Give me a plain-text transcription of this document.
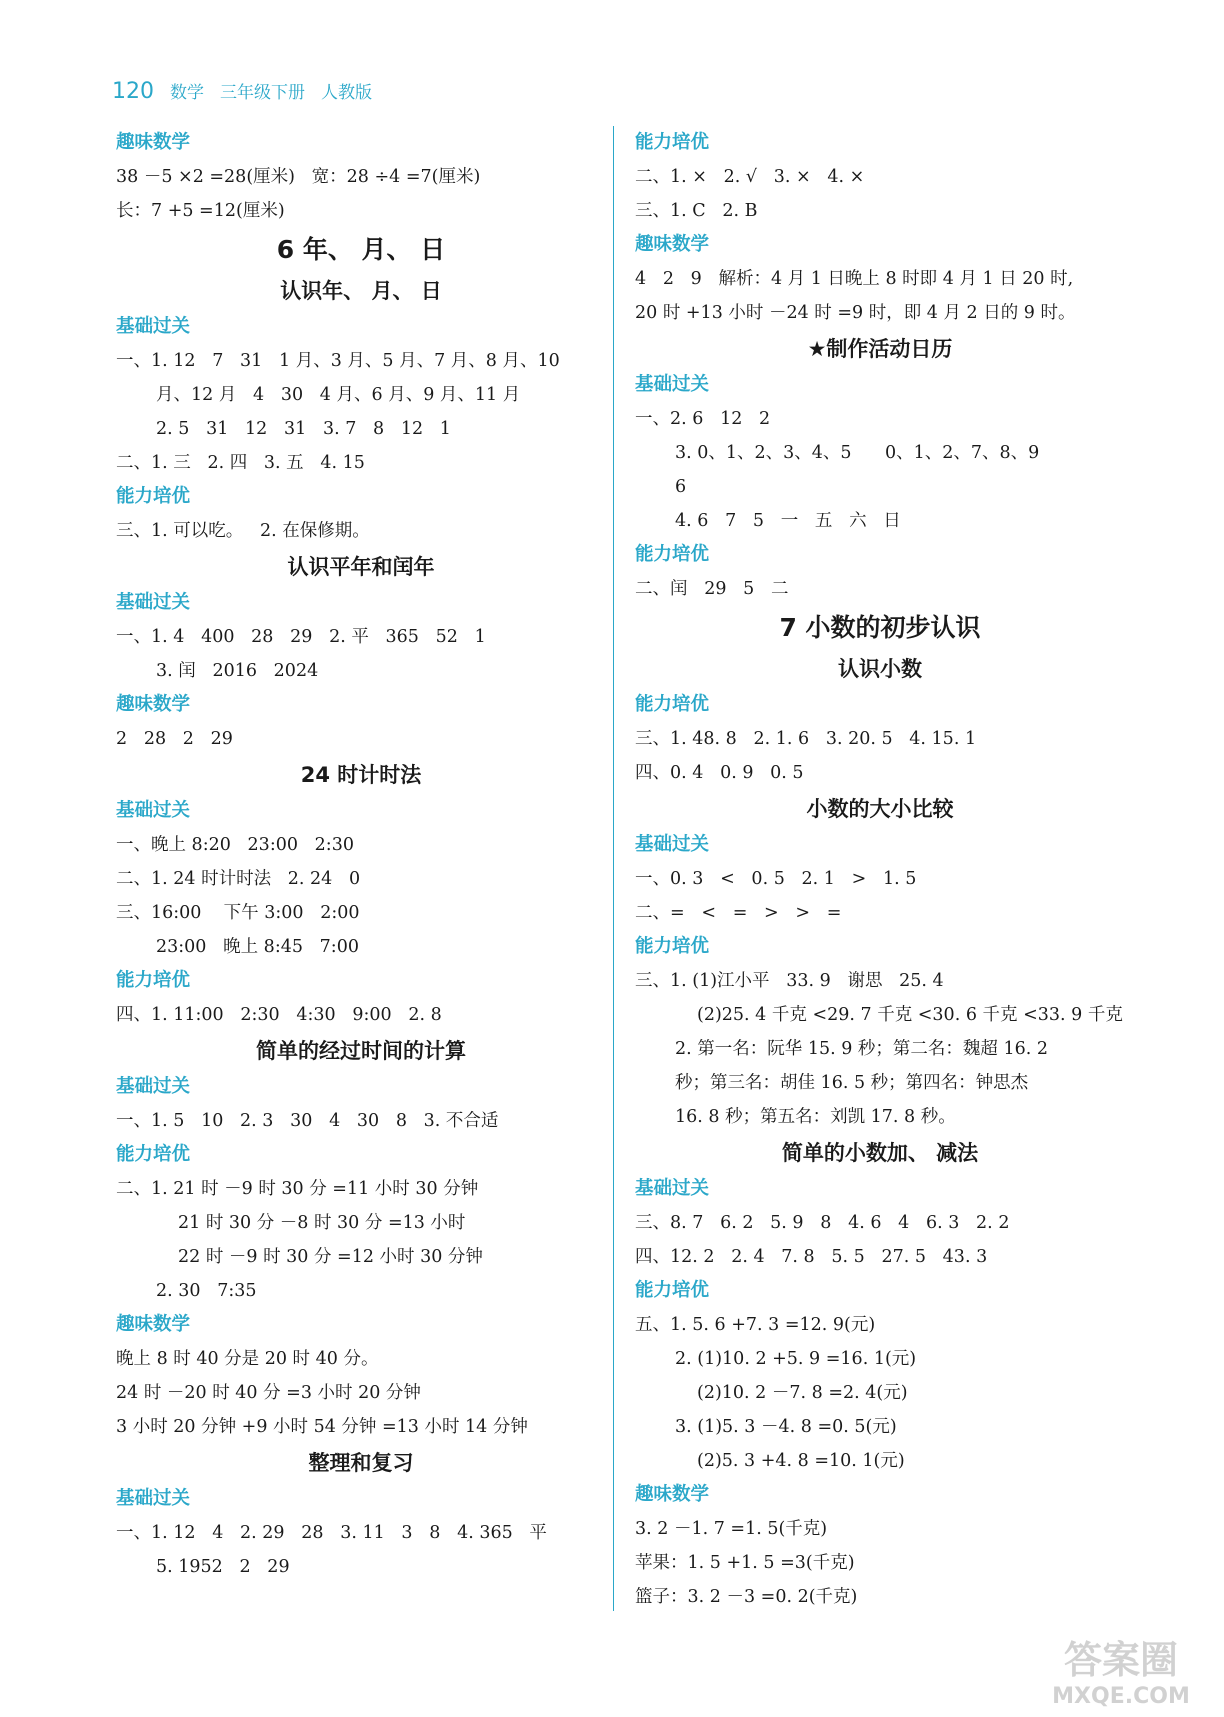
120 数学 三年级下册 人教版
趣味数学
38 －5 ×2 =28(厘米)   宽：28 ÷4 =7(厘米)
长：7 +5 =12(厘米)
6 年、 月、 日
认识年、 月、 日
基础过关
一、1. 12   7   31   1 月、3 月、5 月、7 月、8 月、10
月、12 月   4   30   4 月、6 月、9 月、11 月
2. 5   31   12   31   3. 7   8   12   1
二、1. 三   2. 四   3. 五   4. 15
能力培优
三、1. 可以吃。   2. 在保修期。
认识平年和闰年
基础过关
一、1. 4   400   28   29   2. 平   365   52   1
3. 闰   2016   2024
趣味数学
2   28   2   29
24 时计时法
基础过关
一、晚上 8:20   23:00   2:30
二、1. 24 时计时法   2. 24   0
三、16:00    下午 3:00   2:00
23:00   晚上 8:45   7:00
能力培优
四、1. 11:00   2:30   4:30   9:00   2. 8
简单的经过时间的计算
基础过关
一、1. 5   10   2. 3   30   4   30   8   3. 不合适
能力培优
二、1. 21 时 －9 时 30 分 =11 小时 30 分钟
21 时 30 分 －8 时 30 分 =13 小时
22 时 －9 时 30 分 =12 小时 30 分钟
2. 30   7:35
趣味数学
晚上 8 时 40 分是 20 时 40 分。
24 时 －20 时 40 分 =3 小时 20 分钟
3 小时 20 分钟 +9 小时 54 分钟 =13 小时 14 分钟
整理和复习
基础过关
一、1. 12   4   2. 29   28   3. 11   3   8   4. 365   平
5. 1952   2   29
能力培优
二、1. ×   2. √   3. ×   4. ×
三、1. C   2. B
趣味数学
4   2   9   解析：4 月 1 日晚上 8 时即 4 月 1 日 20 时,
20 时 +13 小时 －24 时 =9 时，即 4 月 2 日的 9 时。
★制作活动日历
基础过关
一、2. 6   12   2
3. 0、1、2、3、4、5      0、1、2、7、8、9
6
4. 6   7   5   一   五   六   日
能力培优
二、闰   29   5   二
7 小数的初步认识
认识小数
能力培优
三、1. 48. 8   2. 1. 6   3. 20. 5   4. 15. 1
四、0. 4   0. 9   0. 5
小数的大小比较
基础过关
一、0. 3   <   0. 5   2. 1   >   1. 5
二、=   <   =   >   >   =
能力培优
三、1. (1)江小平   33. 9   谢思   25. 4
(2)25. 4 千克 <29. 7 千克 <30. 6 千克 <33. 9 千克
2. 第一名：阮华 15. 9 秒；第二名：魏超 16. 2
秒；第三名：胡佳 16. 5 秒；第四名：钟思杰
16. 8 秒；第五名：刘凯 17. 8 秒。
简单的小数加、 减法
基础过关
三、8. 7   6. 2   5. 9   8   4. 6   4   6. 3   2. 2
四、12. 2   2. 4   7. 8   5. 5   27. 5   43. 3
能力培优
五、1. 5. 6 +7. 3 =12. 9(元)
2. (1)10. 2 +5. 9 =16. 1(元)
(2)10. 2 －7. 8 =2. 4(元)
3. (1)5. 3 －4. 8 =0. 5(元)
(2)5. 3 +4. 8 =10. 1(元)
趣味数学
3. 2 －1. 7 =1. 5(千克)
苹果：1. 5 +1. 5 =3(千克)
篮子：3. 2 －3 =0. 2(千克)
答案圈
MXQE.COM
